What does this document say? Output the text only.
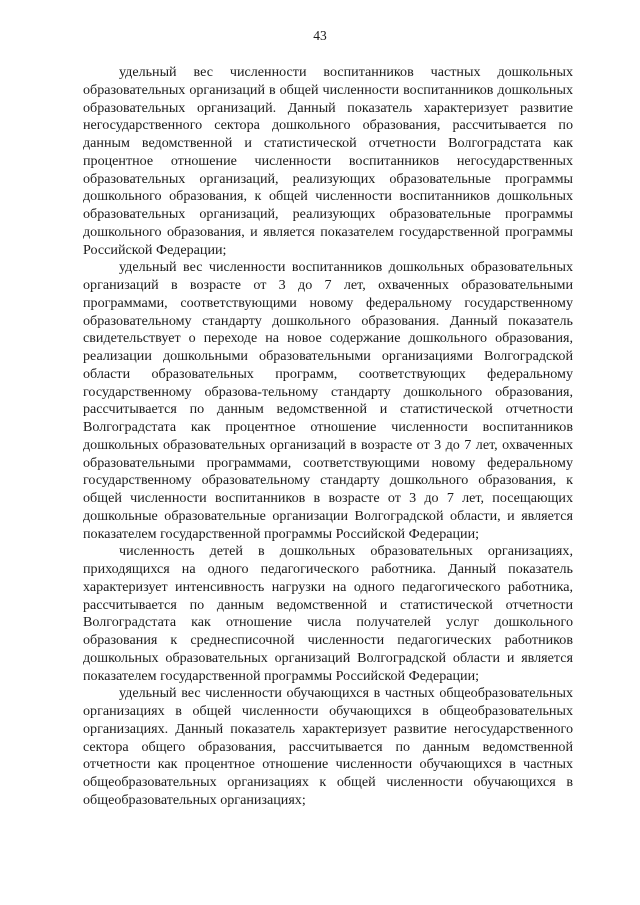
43

удельный вес численности воспитанников частных дошкольных образовательных организаций в общей численности воспитанников дошкольных образовательных организаций. Данный показатель характеризует развитие негосударственного сектора дошкольного образования, рассчитывается по данным ведомственной и статистической отчетности Волгоградстата как процентное отношение численности воспитанников негосударственных образовательных организаций, реализующих образовательные программы дошкольного образования, к общей численности воспитанников дошкольных образовательных организаций, реализующих образовательные программы дошкольного образования, и является показателем государственной программы Российской Федерации;

удельный вес численности воспитанников дошкольных образовательных организаций в возрасте от 3 до 7 лет, охваченных образовательными программами, соответствующими новому федеральному государственному образовательному стандарту дошкольного образования. Данный показатель свидетельствует о переходе на новое содержание дошкольного образования, реализации дошкольными образовательными организациями Волгоградской области образовательных программ, соответствующих федеральному государственному образова-тельному стандарту дошкольного образования, рассчитывается по данным ведомственной и статистической отчетности Волгоградстата как процентное отношение численности воспитанников дошкольных образовательных организаций в возрасте от 3 до 7 лет, охваченных образовательными программами, соответствующими новому федеральному государственному образовательному стандарту дошкольного образования, к общей численности воспитанников в возрасте от 3 до 7 лет, посещающих дошкольные образовательные организации Волгоградской области, и является показателем государственной программы Российской Федерации;

численность детей в дошкольных образовательных организациях, приходящихся на одного педагогического работника. Данный показатель характеризует интенсивность нагрузки на одного педагогического работника, рассчитывается по данным ведомственной и статистической отчетности Волгоградстата как отношение числа получателей услуг дошкольного образования к среднесписочной численности педагогических работников дошкольных образовательных организаций Волгоградской области и является показателем государственной программы Российской Федерации;

удельный вес численности обучающихся в частных общеобразовательных организациях в общей численности обучающихся в общеобразовательных организациях. Данный показатель характеризует развитие негосударственного сектора общего образования, рассчитывается по данным ведомственной отчетности как процентное отношение численности обучающихся в частных общеобразовательных организациях к общей численности обучающихся в общеобразовательных организациях;
